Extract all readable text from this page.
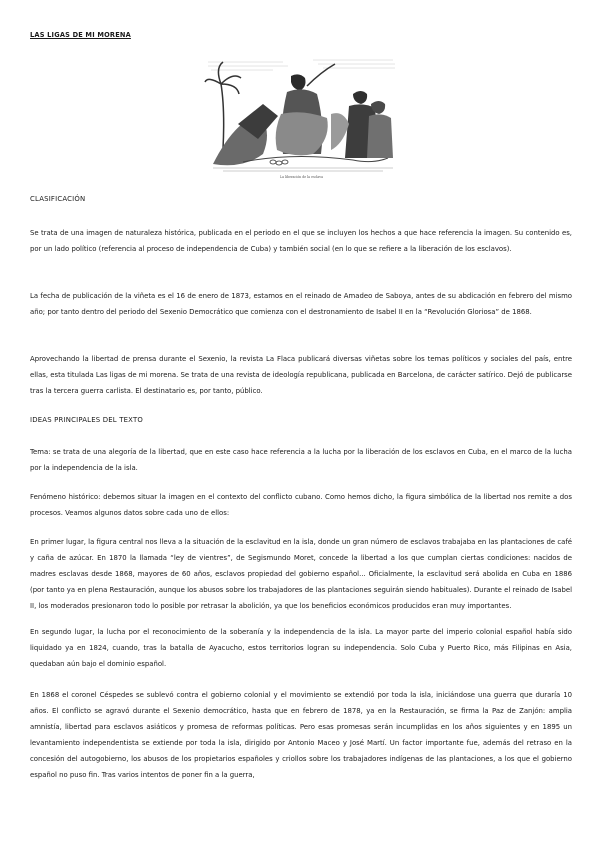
LAS LIGAS DE MI MORENA
La liberación de la esclava
CLASIFICACIÓN

Se trata de una imagen de naturaleza histórica, publicada en el periodo en el que se incluyen los hechos a que hace referencia la imagen. Su contenido es, por un lado político (referencia al proceso de independencia de Cuba) y también social (en lo que se refiere a la liberación de los esclavos).

La fecha de publicación de la viñeta es el 16 de enero de 1873, estamos en el reinado de Amadeo de Saboya, antes de su abdicación en febrero del mismo año; por tanto dentro del periodo del Sexenio Democrático que comienza con el destronamiento de Isabel II en la “Revolución Gloriosa” de 1868.

Aprovechando la libertad de prensa durante el Sexenio, la revista La Flaca publicará diversas viñetas sobre los temas políticos y sociales del país, entre ellas, esta titulada Las ligas de mi morena. Se trata de una revista de ideología republicana, publicada en Barcelona, de carácter satírico. Dejó de publicarse tras la tercera guerra carlista. El destinatario es, por tanto, público.

IDEAS PRINCIPALES DEL TEXTO

Tema: se trata de una alegoría de la libertad, que en este caso hace referencia a la lucha por la liberación de los esclavos en Cuba, en el marco de la lucha por la independencia de la isla.

Fenómeno histórico: debemos situar la imagen en el contexto del conflicto cubano. Como hemos dicho, la figura simbólica de la libertad nos remite a dos procesos. Veamos algunos datos sobre cada uno de ellos:

En primer lugar, la figura central nos lleva a la situación de la esclavitud en la isla, donde un gran número de esclavos trabajaba en las plantaciones de café y caña de azúcar. En 1870 la llamada “ley de vientres”, de Segismundo Moret, concede la libertad a los que cumplan ciertas condiciones: nacidos de madres esclavas desde 1868, mayores de 60 años, esclavos propiedad del gobierno español... Oficialmente, la esclavitud será abolida en Cuba en 1886 (por tanto ya en plena Restauración, aunque los abusos sobre los trabajadores de las plantaciones seguirán siendo habituales). Durante el reinado de Isabel II, los moderados presionaron todo lo posible por retrasar la abolición, ya que los beneficios económicos producidos eran muy importantes.

En segundo lugar, la lucha por el reconocimiento de la soberanía y la independencia de la isla. La mayor parte del imperio colonial español había sido liquidado ya en 1824, cuando, tras la batalla de Ayacucho, estos territorios logran su independencia. Solo Cuba y Puerto Rico, más Filipinas en Asia, quedaban aún bajo el dominio español.

En 1868 el coronel Céspedes se sublevó contra el gobierno colonial y el movimiento se extendió por toda la isla, iniciándose una guerra que duraría 10 años. El conflicto se agravó durante el Sexenio democrático, hasta que en febrero de 1878, ya en la Restauración, se firma la Paz de Zanjón: amplia amnistía, libertad para esclavos asiáticos y promesa de reformas políticas. Pero esas promesas serán incumplidas en los años siguientes y en 1895 un levantamiento independentista se extiende por toda la isla, dirigido por Antonio Maceo y José Martí. Un factor importante fue, además del retraso en la concesión del autogobierno, los abusos de los propietarios españoles y criollos sobre los trabajadores indígenas de las plantaciones, a los que el gobierno español no puso fin. Tras varios intentos de poner fin a la guerra,
